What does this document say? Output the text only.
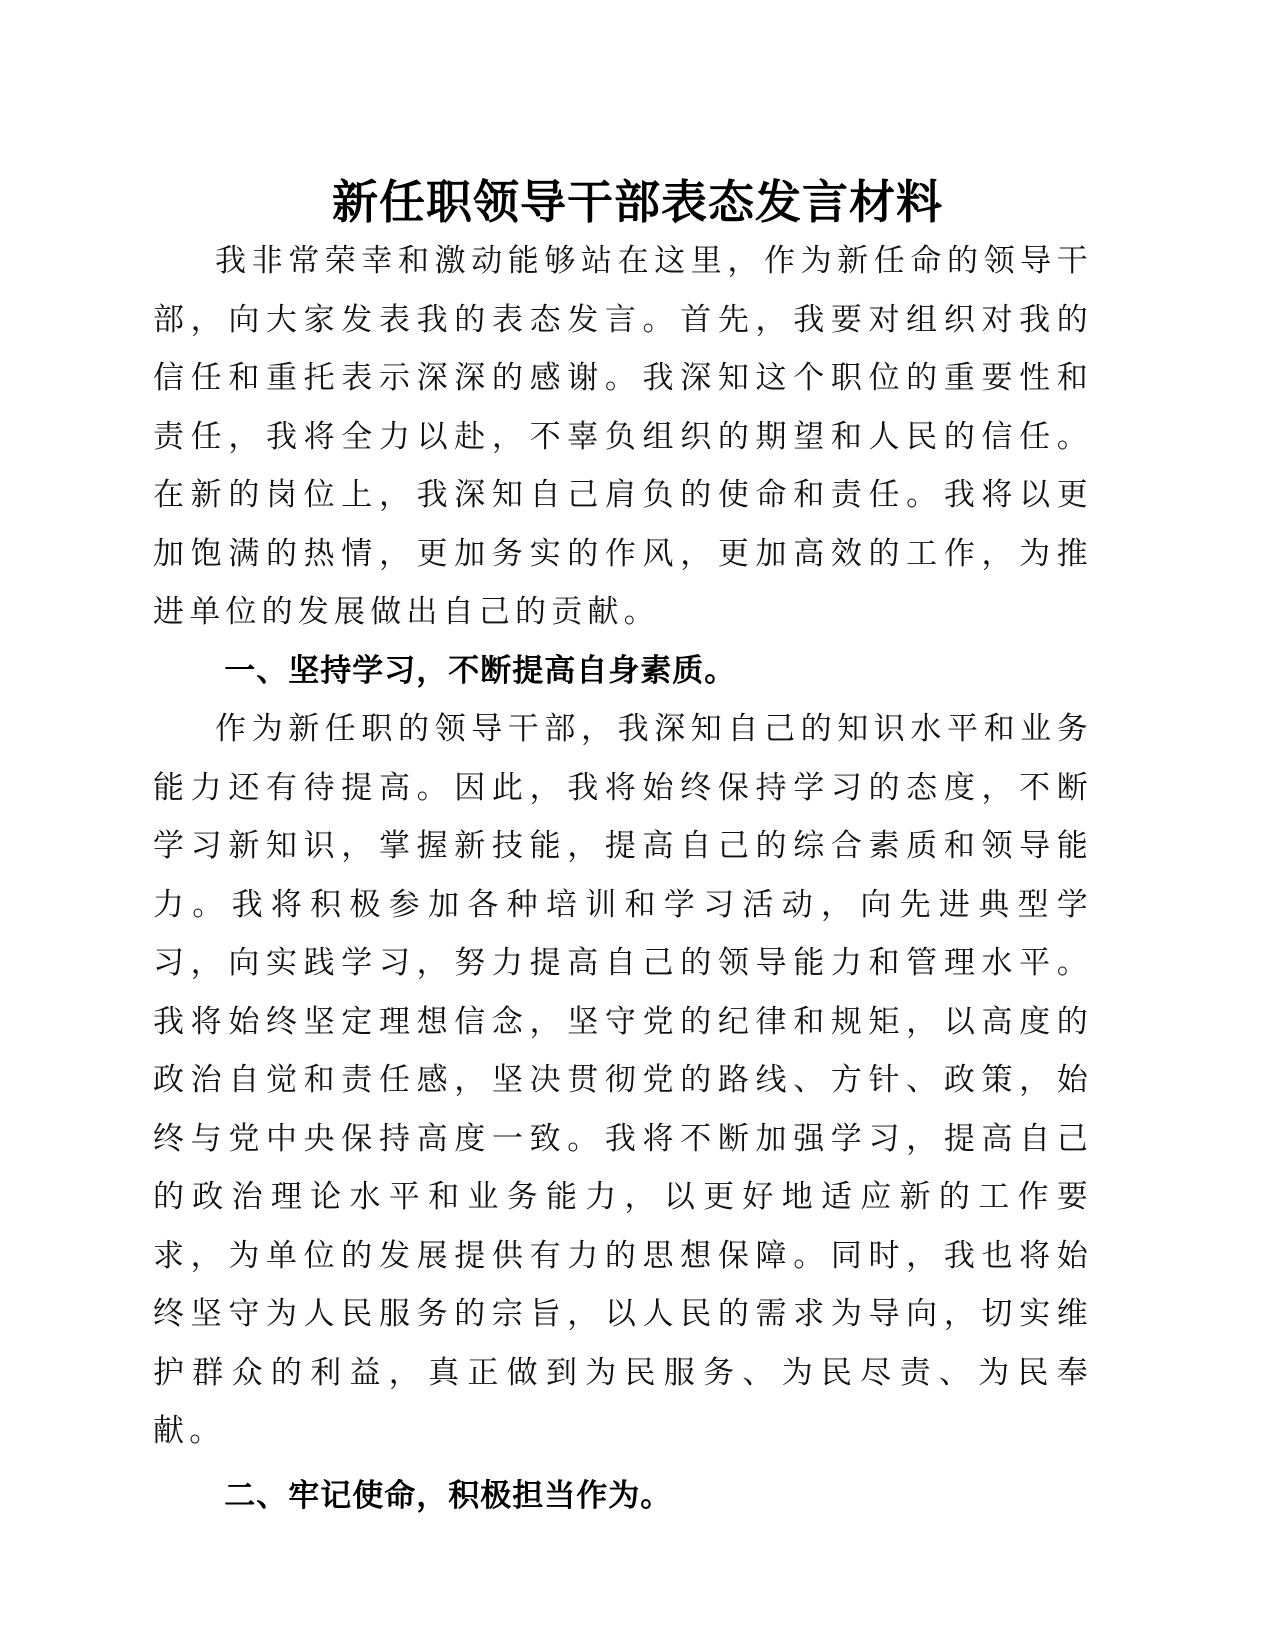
新任职领导干部表态发言材料

我非常荣幸和激动能够站在这里，作为新任命的领导干部，向大家发表我的表态发言。首先，我要对组织对我的信任和重托表示深深的感谢。我深知这个职位的重要性和责任，我将全力以赴，不辜负组织的期望和人民的信任。在新的岗位上，我深知自己肩负的使命和责任。我将以更加饱满的热情，更加务实的作风，更加高效的工作，为推进单位的发展做出自己的贡献。

一、坚持学习，不断提高自身素质。

作为新任职的领导干部，我深知自己的知识水平和业务能力还有待提高。因此，我将始终保持学习的态度，不断学习新知识，掌握新技能，提高自己的综合素质和领导能力。我将积极参加各种培训和学习活动，向先进典型学习，向实践学习，努力提高自己的领导能力和管理水平。我将始终坚定理想信念，坚守党的纪律和规矩，以高度的政治自觉和责任感，坚决贯彻党的路线、方针、政策，始终与党中央保持高度一致。我将不断加强学习，提高自己的政治理论水平和业务能力，以更好地适应新的工作要求，为单位的发展提供有力的思想保障。同时，我也将始终坚守为人民服务的宗旨，以人民的需求为导向，切实维护群众的利益，真正做到为民服务、为民尽责、为民奉献。

二、牢记使命，积极担当作为。
